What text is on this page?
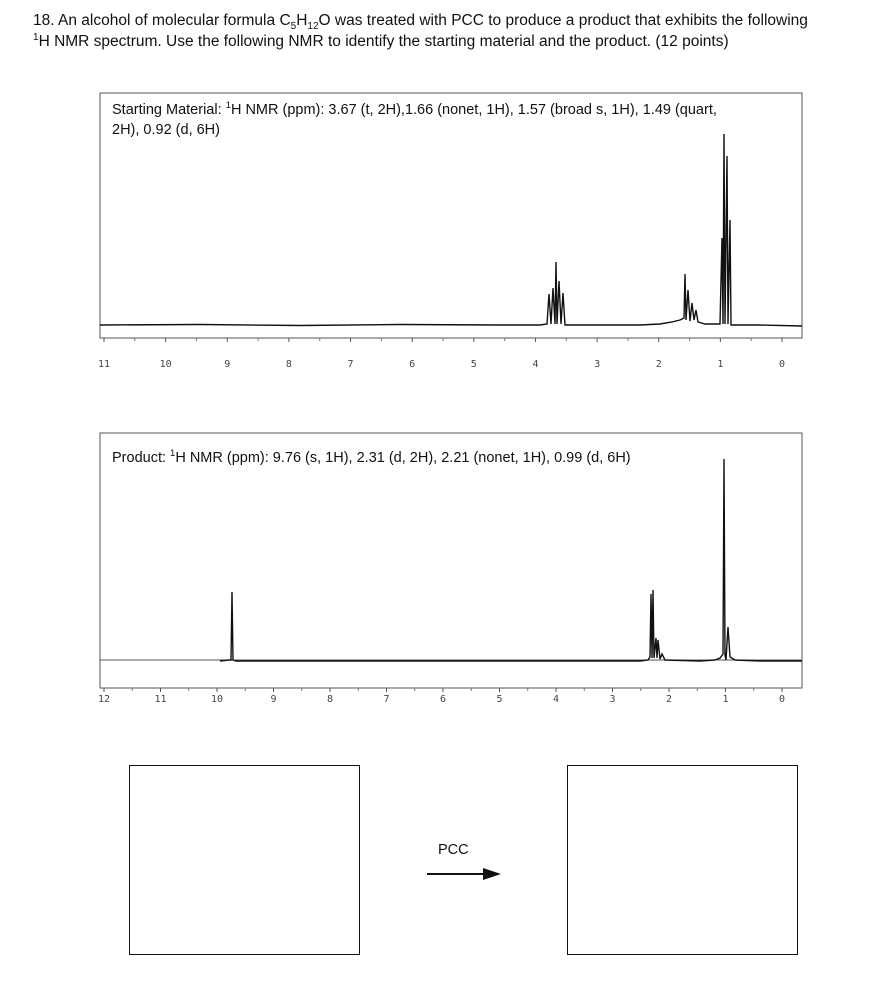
18. An alcohol of molecular formula $C_5H_{12}O$ was treated with PCC to produce a product that exhibits the following
$^1$H NMR spectrum. Use the following NMR to identify the starting material and the product. (12 points)
11	10	9	8	7	6	5	4	3	2	1	0
Starting Material: $^1$H NMR (ppm): 3.67 (t, 2H),1.66 (nonet, 1H), 1.57 (broad s, 1H), 1.49 (quart, 2H), 0.92 (d, 6H)
12	11	10	9	8	7	6	5	4	3	2	1	0
Product: $^1$H NMR (ppm): 9.76 (s, 1H), 2.31 (d, 2H), 2.21 (nonet, 1H), 0.99 (d, 6H)
PCC
